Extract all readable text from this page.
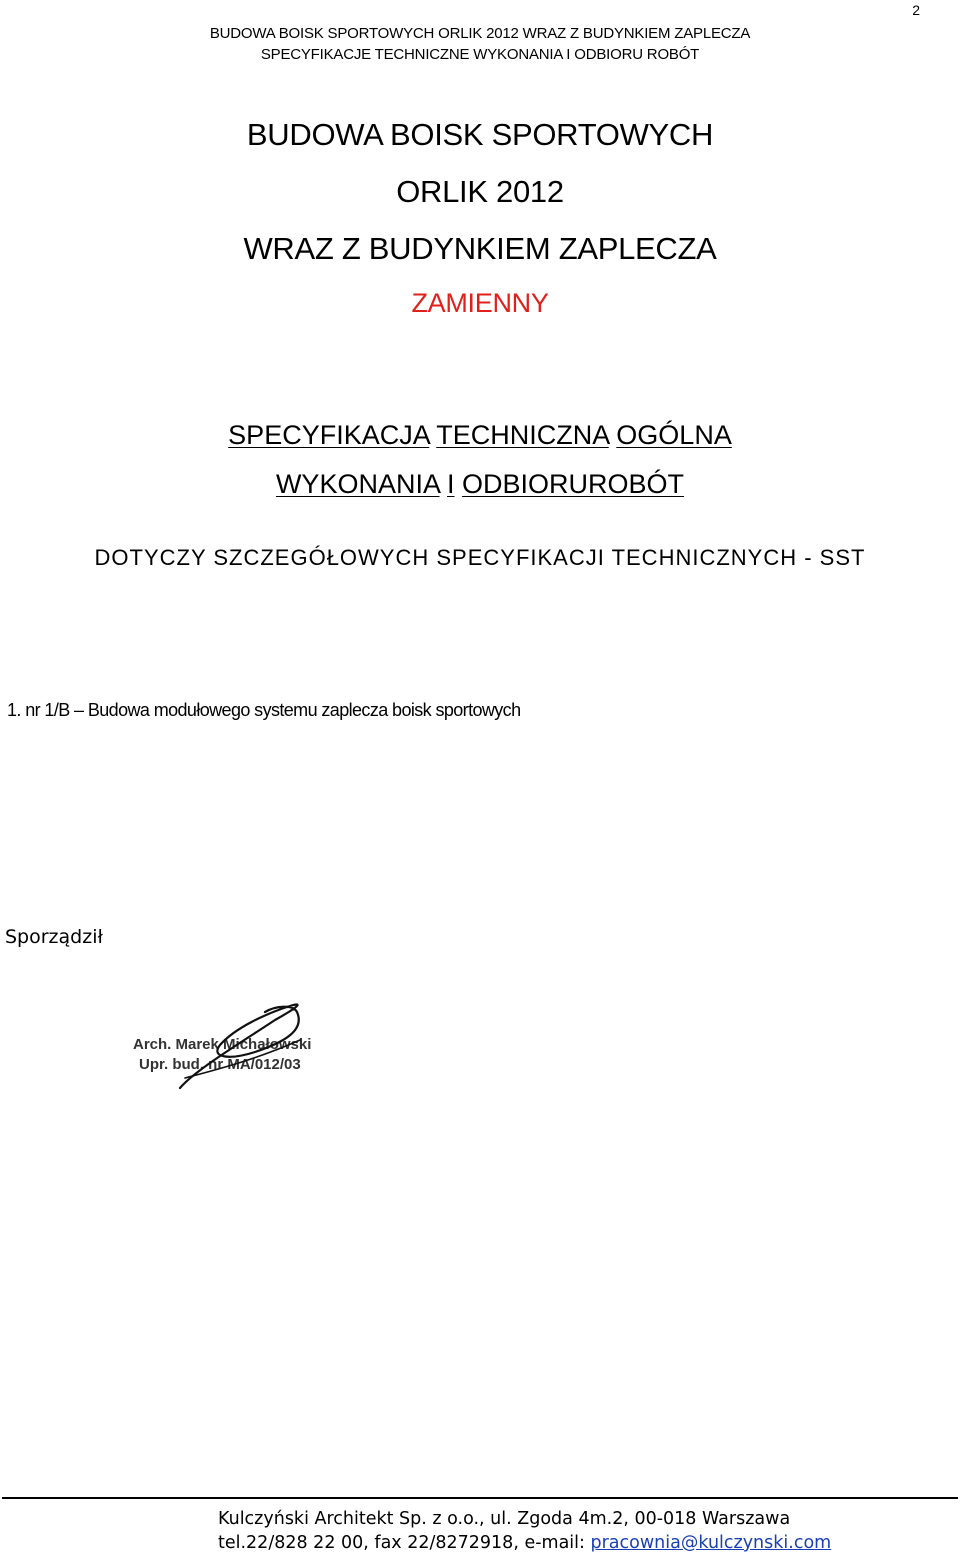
2
BUDOWA BOISK SPORTOWYCH ORLIK 2012 WRAZ Z BUDYNKIEM ZAPLECZA
SPECYFIKACJE TECHNICZNE WYKONANIA I ODBIORU ROBÓT
BUDOWA BOISK SPORTOWYCH
ORLIK 2012
WRAZ Z BUDYNKIEM ZAPLECZA
ZAMIENNY
SPECYFIKACJA TECHNICZNA OGÓLNA
WYKONANIA I ODBIORUROBÓT
DOTYCZY SZCZEGÓŁOWYCH SPECYFIKACJI TECHNICZNYCH - SST
1. nr 1/B – Budowa modułowego systemu zaplecza boisk sportowych
Sporządził
Arch. Marek Michałowski
Upr. bud. nr MA/012/03
Kulczyński Architekt Sp. z o.o., ul. Zgoda 4m.2, 00-018 Warszawa
tel.22/828 22 00, fax 22/8272918, e-mail: pracownia@kulczynski.com
